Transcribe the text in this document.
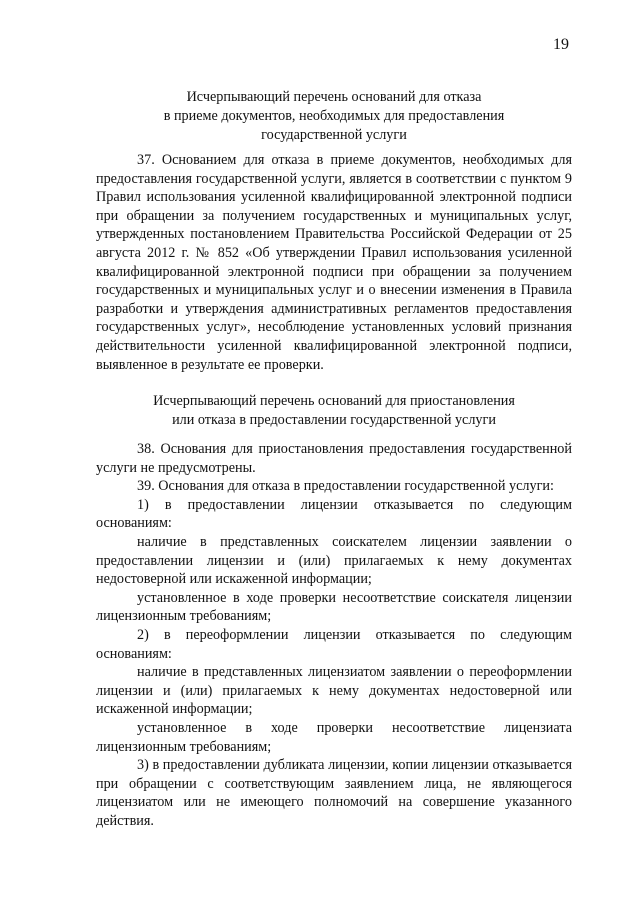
19
Исчерпывающий перечень оснований для отказа
в приеме документов, необходимых для предоставления
государственной услуги

37. Основанием для отказа в приеме документов, необходимых для предоставления государственной услуги, является в соответствии с пунктом 9 Правил использования усиленной квалифицированной электронной подписи при обращении за получением государственных и муниципальных услуг, утвержденных постановлением Правительства Российской Федерации от 25 августа 2012 г. № 852 «Об утверждении Правил использования усиленной квалифицированной электронной подписи при обращении за получением государственных и муниципальных услуг и о внесении изменения в Правила разработки и утверждения административных регламентов предоставления государственных услуг», несоблюдение установленных условий признания действительности усиленной квалифицированной электронной подписи, выявленное в результате ее проверки.

Исчерпывающий перечень оснований для приостановления
или отказа в предоставлении государственной услуги

38. Основания для приостановления предоставления государственной услуги не предусмотрены.

39. Основания для отказа в предоставлении государственной услуги:

1) в предоставлении лицензии отказывается по следующим основаниям:

наличие в представленных соискателем лицензии заявлении о предоставлении лицензии и (или) прилагаемых к нему документах недостоверной или искаженной информации;

установленное в ходе проверки несоответствие соискателя лицензии лицензионным требованиям;

2) в переоформлении лицензии отказывается по следующим основаниям:

наличие в представленных лицензиатом заявлении о переоформлении лицензии и (или) прилагаемых к нему документах недостоверной или искаженной информации;

установленное в ходе проверки несоответствие лицензиата лицензионным требованиям;

3) в предоставлении дубликата лицензии, копии лицензии отказывается при обращении с соответствующим заявлением лица, не являющегося лицензиатом или не имеющего полномочий на совершение указанного действия.
